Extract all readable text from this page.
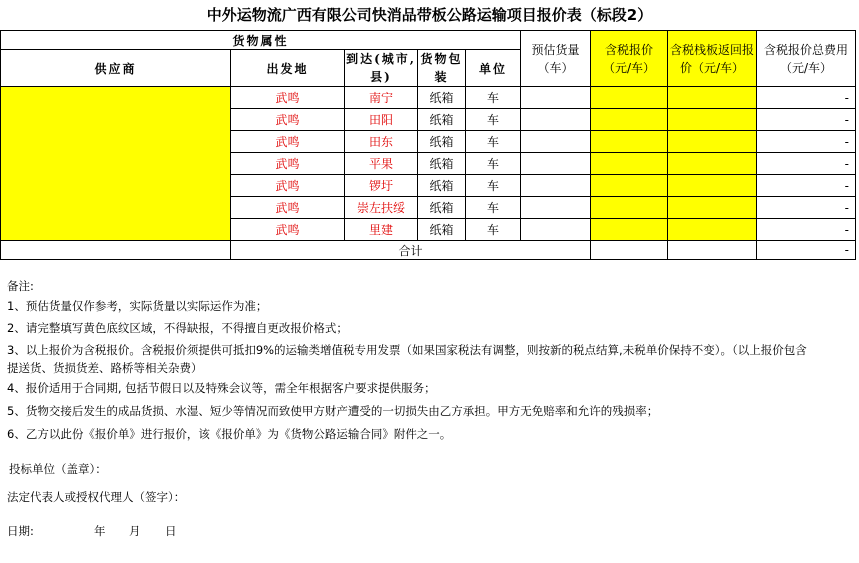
中外运物流广西有限公司快消品带板公路运输项目报价表（标段2）
货物属性					预估货量（车）	含税报价（元/车）	含税栈板返回报价（元/车）	含税报价总费用（元/车）
供应商	出发地	到达(城市,县)	货物包装	单位				
	武鸣	南宁	纸箱	车				-
	武鸣	田阳	纸箱	车				-
	武鸣	田东	纸箱	车				-
	武鸣	平果	纸箱	车				-
	武鸣	锣圩	纸箱	车				-
	武鸣	崇左扶绥	纸箱	车				-
	武鸣	里建	纸箱	车				-
	合计							-
备注:
1、预估货量仅作参考，实际货量以实际运作为准；
2、请完整填写黄色底纹区域，不得缺报，不得擅自更改报价格式；
3、以上报价为含税报价。含税报价须提供可抵扣9%的运输类增值税专用发票（如果国家税法有调整，则按新的税点结算,未税单价保持不变）。（以上报价包含
提送货、货损货差、路桥等相关杂费）
4、报价适用于合同期, 包括节假日以及特殊会议等，需全年根据客户要求提供服务；
5、货物交接后发生的成品货损、水湿、短少等情况而致使甲方财产遭受的一切损失由乙方承担。甲方无免赔率和允许的残损率；
6、乙方以此份《报价单》进行报价，该《报价单》为《货物公路运输合同》附件之一。
投标单位（盖章）：
法定代表人或授权代理人（签字）：
日期:	年 月 日
